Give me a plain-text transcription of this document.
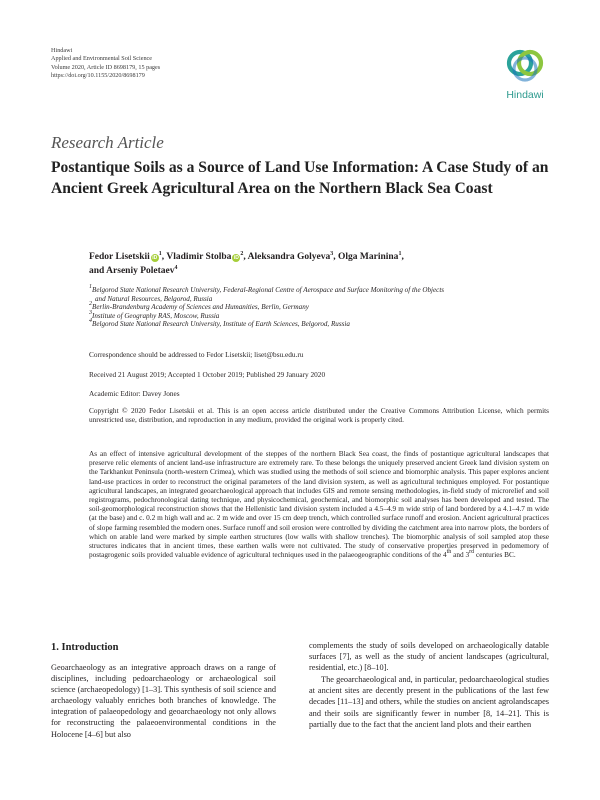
Hindawi
Applied and Environmental Soil Science
Volume 2020, Article ID 8698179, 15 pages
https://doi.org/10.1155/2020/8698179
Hindawi
Research Article
Postantique Soils as a Source of Land Use Information: A Case Study of an Ancient Greek Agricultural Area on the Northern Black Sea Coast
Fedor Lisetskii $iD^1$, Vladimir Stolba $iD^2$, Aleksandra Golyeva$^3$, Olga Marinina$^1$,
and Arseniy Poletaev$^4$
$^1$Belgorod State National Research University, Federal-Regional Centre of Aerospace and Surface Monitoring of the Objects
and Natural Resources, Belgorod, Russia
$^2$Berlin-Brandenburg Academy of Sciences and Humanities, Berlin, Germany
$^3$Institute of Geography RAS, Moscow, Russia
$^4$Belgorod State National Research University, Institute of Earth Sciences, Belgorod, Russia
Correspondence should be addressed to Fedor Lisetskii; liset@bsu.edu.ru
Received 21 August 2019; Accepted 1 October 2019; Published 29 January 2020
Academic Editor: Davey Jones
Copyright © 2020 Fedor Lisetskii et al. This is an open access article distributed under the Creative Commons Attribution License, which permits unrestricted use, distribution, and reproduction in any medium, provided the original work is properly cited.
As an effect of intensive agricultural development of the steppes of the northern Black Sea coast, the finds of postantique agricultural landscapes that preserve relic elements of ancient land-use infrastructure are extremely rare. To these belongs the uniquely preserved ancient Greek land division system on the Tarkhankut Peninsula (north-western Crimea), which was studied using the methods of soil science and biomorphic analysis. This paper explores ancient land-use practices in order to reconstruct the original parameters of the land division system, as well as agricultural techniques employed. For postantique agricultural landscapes, an integrated geoarchaeological approach that includes GIS and remote sensing methodologies, in-field study of microrelief and soil registrograms, pedochronological dating technique, and physicochemical, geochemical, and biomorphic soil analyses has been developed and tested. The soil-geomorphological reconstruction shows that the Hellenistic land division system included a 4.5–4.9 m wide strip of land bordered by a 4.1–4.7 m wide (at the base) and c. 0.2 m high wall and ac. 2 m wide and over 15 cm deep trench, which controlled surface runoff and erosion. Ancient agricultural practices of slope farming resembled the modern ones. Surface runoff and soil erosion were controlled by dividing the catchment area into narrow plots, the borders of which on arable land were marked by simple earthen structures (low walls with shallow trenches). The biomorphic analysis of soil sampled atop these structures indicates that in ancient times, these earthen walls were not cultivated. The study of conservative properties preserved in pedomemory of postagrogenic soils provided valuable evidence of agricultural techniques used in the palaeogeographic conditions of the 4th and 3rd centuries BC.
1. Introduction

Geoarchaeology as an integrative approach draws on a range of disciplines, including pedoarchaeology or archaeological soil science (archaeopedology) [1–3]. This synthesis of soil science and archaeology valuably enriches both branches of knowledge. The integration of palaeopedology and geoarchaeology not only allows for reconstructing the palaeoenvironmental conditions in the Holocene [4–6] but also

complements the study of soils developed on archaeologically datable surfaces [7], as well as the study of ancient landscapes (agricultural, residential, etc.) [8–10].

The geoarchaeological and, in particular, pedoarchaeological studies at ancient sites are decently present in the publications of the last few decades [11–13] and others, while the studies on ancient agrolandscapes and their soils are significantly fewer in number [8, 14–21]. This is partially due to the fact that the ancient land plots and their earthen
